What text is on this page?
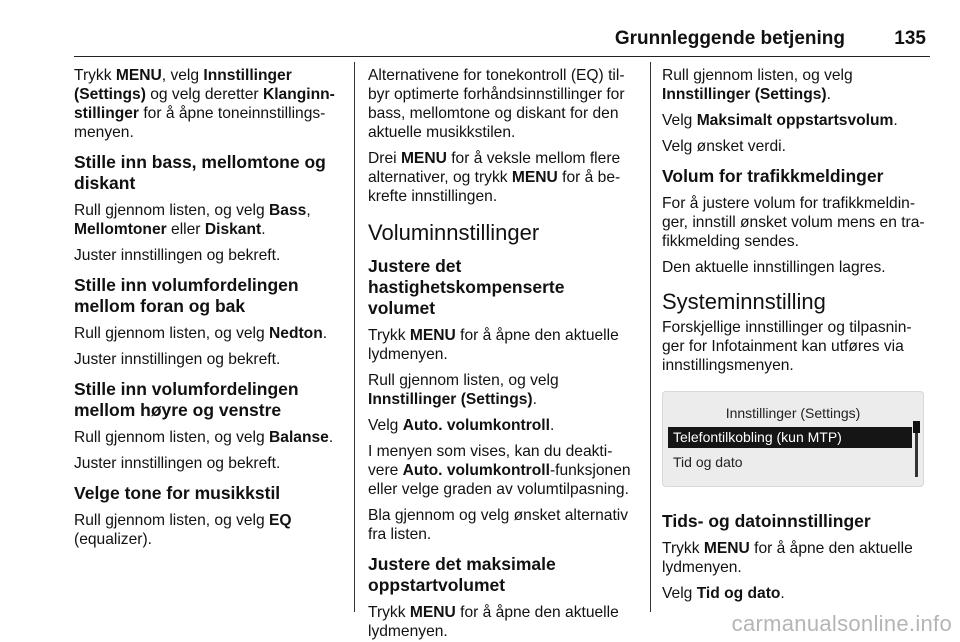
Grunnleggende betjening	135

Trykk MENU, velg Innstillinger (Settings) og velg deretter Klanginn-stillinger for å åpne toneinnstillings-menyen.

Stille inn bass, mellomtone og diskant

Rull gjennom listen, og velg Bass, Mellomtoner eller Diskant.

Juster innstillingen og bekreft.

Stille inn volumfordelingen mellom foran og bak

Rull gjennom listen, og velg Nedton.

Juster innstillingen og bekreft.

Stille inn volumfordelingen mellom høyre og venstre

Rull gjennom listen, og velg Balanse.

Juster innstillingen og bekreft.

Velge tone for musikkstil

Rull gjennom listen, og velg EQ (equalizer).

Alternativene for tonekontroll (EQ) til-byr optimerte forhåndsinnstillinger for bass, mellomtone og diskant for den aktuelle musikkstilen.

Drei MENU for å veksle mellom flere alternativer, og trykk MENU for å be-krefte innstillingen.

Voluminnstillinger
Justere det hastighetskompenserte volumet

Trykk MENU for å åpne den aktuelle lydmenyen.

Rull gjennom listen, og velg Innstillinger (Settings).

Velg Auto. volumkontroll.

I menyen som vises, kan du deakti-vere Auto. volumkontroll-funksjonen eller velge graden av volumtilpasning.

Bla gjennom og velg ønsket alternativ fra listen.

Justere det maksimale oppstartvolumet

Trykk MENU for å åpne den aktuelle lydmenyen.

Rull gjennom listen, og velg Innstillinger (Settings).

Velg Maksimalt oppstartsvolum.

Velg ønsket verdi.

Volum for trafikkmeldinger

For å justere volum for trafikkmeldin-ger, innstill ønsket volum mens en tra-fikkmelding sendes.

Den aktuelle innstillingen lagres.

Systeminnstilling

Forskjellige innstillinger og tilpasnin-ger for Infotainment kan utføres via innstillingsmenyen.

Innstillinger (Settings)
Telefontilkobling (kun MTP)
Tid og dato
Tids- og datoinnstillinger

Trykk MENU for å åpne den aktuelle lydmenyen.

Velg Tid og dato.

carmanualsonline.info
